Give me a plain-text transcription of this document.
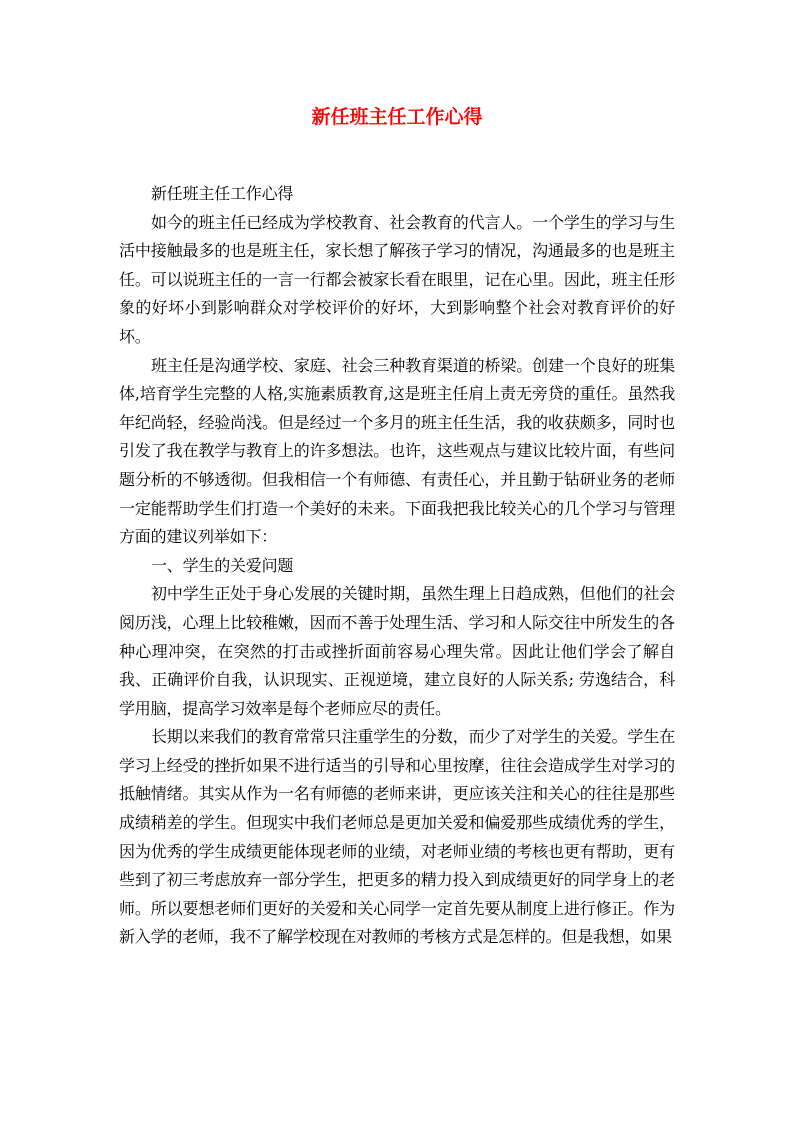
新任班主任工作心得

新任班主任工作心得

如今的班主任已经成为学校教育、社会教育的代言人。一个学生的学习与生活中接触最多的也是班主任，家长想了解孩子学习的情况，沟通最多的也是班主任。可以说班主任的一言一行都会被家长看在眼里，记在心里。因此，班主任形象的好坏小到影响群众对学校评价的好坏，大到影响整个社会对教育评价的好坏。

班主任是沟通学校、家庭、社会三种教育渠道的桥梁。创建一个良好的班集体,培育学生完整的人格,实施素质教育,这是班主任肩上责无旁贷的重任。虽然我年纪尚轻，经验尚浅。但是经过一个多月的班主任生活，我的收获颇多，同时也引发了我在教学与教育上的许多想法。也许，这些观点与建议比较片面，有些问题分析的不够透彻。但我相信一个有师德、有责任心，并且勤于钻研业务的老师一定能帮助学生们打造一个美好的未来。下面我把我比较关心的几个学习与管理方面的建议列举如下：

一、学生的关爱问题

初中学生正处于身心发展的关键时期，虽然生理上日趋成熟，但他们的社会阅历浅，心理上比较稚嫩，因而不善于处理生活、学习和人际交往中所发生的各种心理冲突，在突然的打击或挫折面前容易心理失常。因此让他们学会了解自我、正确评价自我，认识现实、正视逆境，建立良好的人际关系; 劳逸结合，科学用脑，提高学习效率是每个老师应尽的责任。

长期以来我们的教育常常只注重学生的分数，而少了对学生的关爱。学生在学习上经受的挫折如果不进行适当的引导和心里按摩，往往会造成学生对学习的抵触情绪。其实从作为一名有师德的老师来讲，更应该关注和关心的往往是那些成绩稍差的学生。但现实中我们老师总是更加关爱和偏爱那些成绩优秀的学生，因为优秀的学生成绩更能体现老师的业绩，对老师业绩的考核也更有帮助，更有些到了初三考虑放弃一部分学生，把更多的精力投入到成绩更好的同学身上的老师。所以要想老师们更好的关爱和关心同学一定首先要从制度上进行修正。作为新入学的老师，我不了解学校现在对教师的考核方式是怎样的。但是我想，如果
